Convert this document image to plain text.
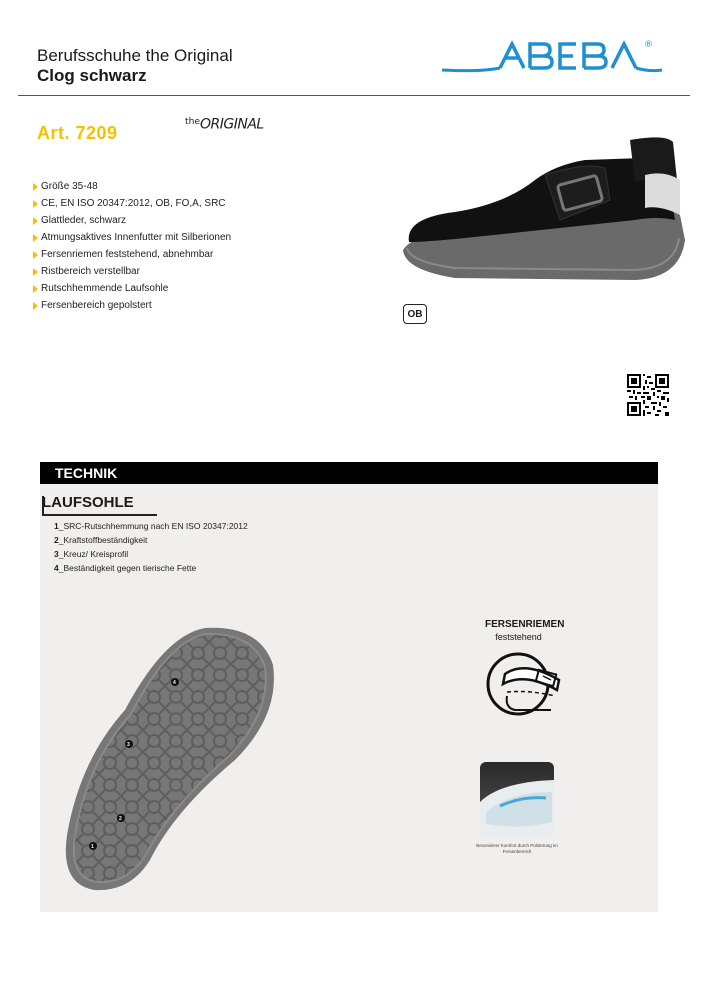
Berufsschuhe the Original
Clog schwarz
®
Art. 7209
$^{the}$ORIGINAL
Größe 35-48
CE, EN ISO 20347:2012, OB, FO,A, SRC
Glattleder, schwarz
Atmungsaktives Innenfutter mit Silberionen
Fersenriemen feststehend, abnehmbar
Ristbereich verstellbar
Rutschhemmende Laufsohle
Fersenbereich gepolstert
OB
TECHNIK
LAUFSOHLE
1_SRC-Rutschhemmung nach EN ISO 20347:2012
2_Kraftstoffbeständigkeit
3_Kreuz/ Kreisprofil
4_Beständigkeit gegen tierische Fette
4
3
2
1
FERSENRIEMEN
feststehend
Besonderer Komfort durch Polsterung im Fersenbereich
